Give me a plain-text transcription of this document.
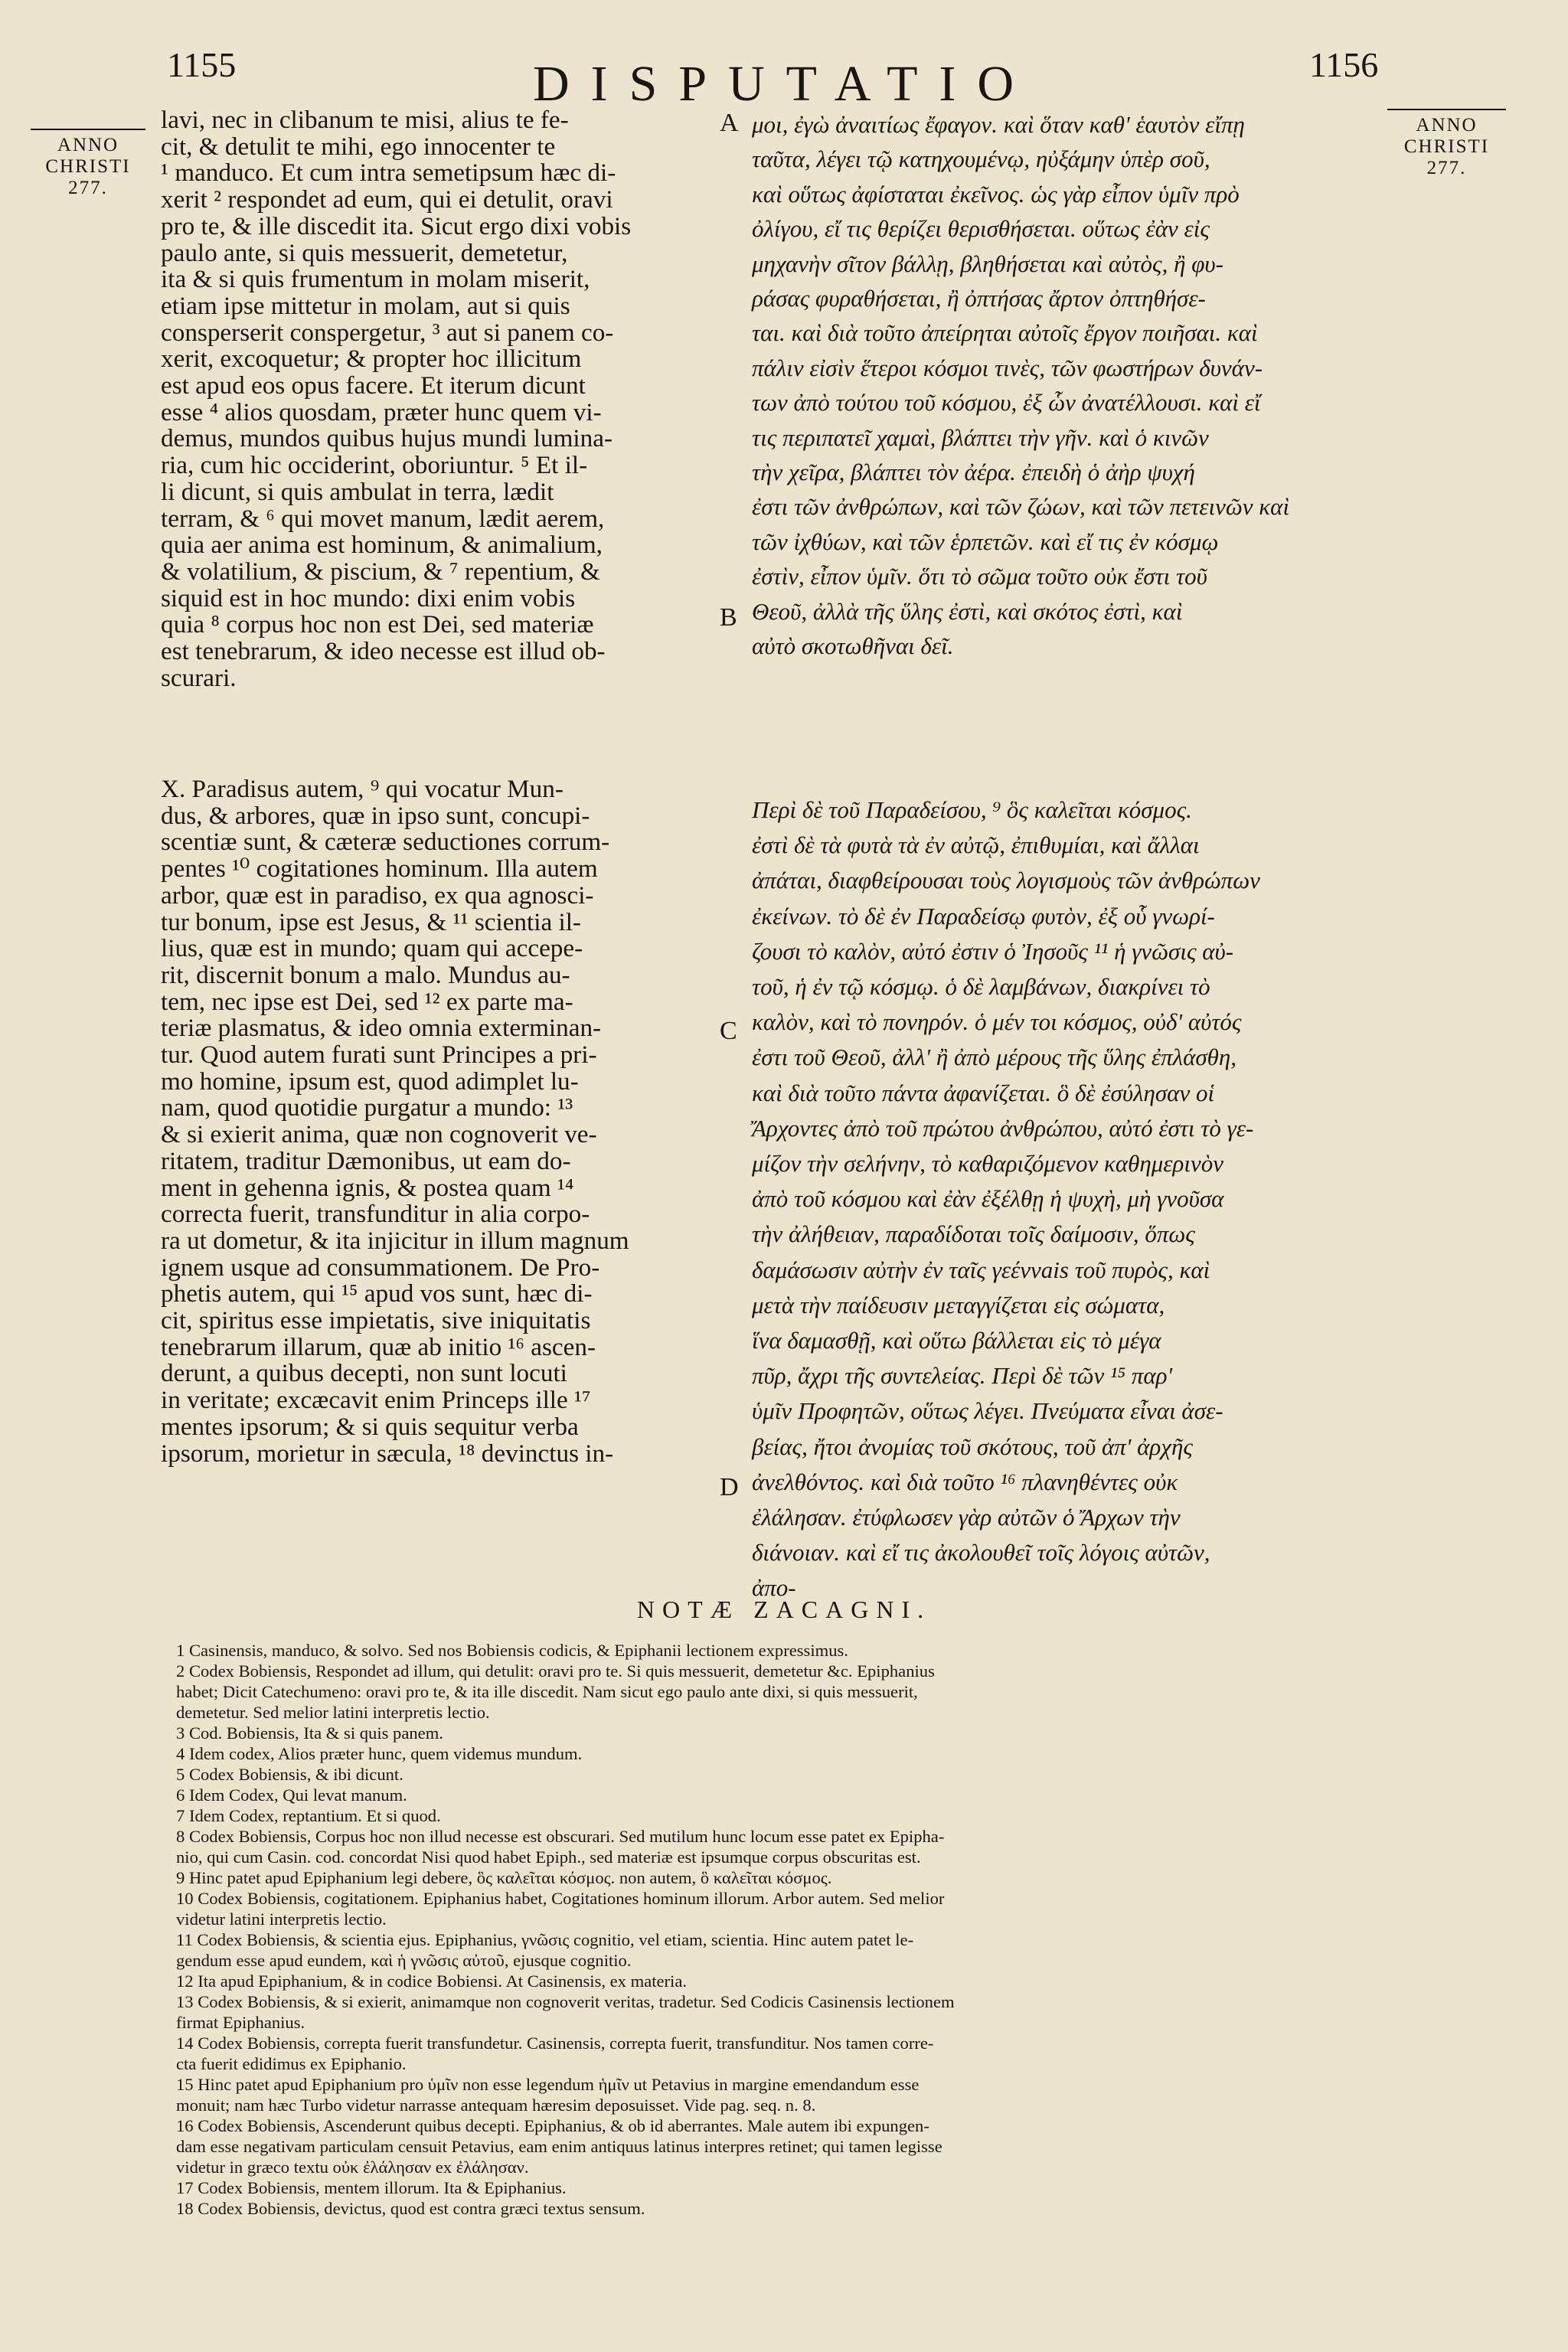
1155	DISPUTATIO	1156
ANNO
CHRISTI
277.
ANNO
CHRISTI
277.
A
B
C
D
lavi, nec in clibanum te misi, alius te fe-
cit, & detulit te mihi, ego innocenter te
¹ manduco. Et cum intra semetipsum hæc di-
xerit ² respondet ad eum, qui ei detulit, oravi
pro te, & ille discedit ita. Sicut ergo dixi vobis
paulo ante, si quis messuerit, demetetur,
ita & si quis frumentum in molam miserit,
etiam ipse mittetur in molam, aut si quis
consperserit conspergetur, ³ aut si panem co-
xerit, excoquetur; & propter hoc illicitum
est apud eos opus facere. Et iterum dicunt
esse ⁴ alios quosdam, præter hunc quem vi-
demus, mundos quibus hujus mundi lumina-
ria, cum hic occiderint, oboriuntur. ⁵ Et il-
li dicunt, si quis ambulat in terra, lædit
terram, & ⁶ qui movet manum, lædit aerem,
quia aer anima est hominum, & animalium,
& volatilium, & piscium, & ⁷ repentium, &
siquid est in hoc mundo: dixi enim vobis
quia ⁸ corpus hoc non est Dei, sed materiæ
est tenebrarum, & ideo necesse est illud ob-
scurari.
X. Paradisus autem, ⁹ qui vocatur Mun-
dus, & arbores, quæ in ipso sunt, concupi-
scentiæ sunt, & cæteræ seductiones corrum-
pentes ¹⁰ cogitationes hominum. Illa autem
arbor, quæ est in paradiso, ex qua agnosci-
tur bonum, ipse est Jesus, & ¹¹ scientia il-
lius, quæ est in mundo; quam qui accepe-
rit, discernit bonum a malo. Mundus au-
tem, nec ipse est Dei, sed ¹² ex parte ma-
teriæ plasmatus, & ideo omnia exterminan-
tur. Quod autem furati sunt Principes a pri-
mo homine, ipsum est, quod adimplet lu-
nam, quod quotidie purgatur a mundo: ¹³
& si exierit anima, quæ non cognoverit ve-
ritatem, traditur Dæmonibus, ut eam do-
ment in gehenna ignis, & postea quam ¹⁴
correcta fuerit, transfunditur in alia corpo-
ra ut dometur, & ita injicitur in illum magnum
ignem usque ad consummationem. De Pro-
phetis autem, qui ¹⁵ apud vos sunt, hæc di-
cit, spiritus esse impietatis, sive iniquitatis
tenebrarum illarum, quæ ab initio ¹⁶ ascen-
derunt, a quibus decepti, non sunt locuti
in veritate; excæcavit enim Princeps ille ¹⁷
mentes ipsorum; & si quis sequitur verba
ipsorum, morietur in sæcula, ¹⁸ devinctus in-
μοι, ἐγὼ ἀναιτίως ἔφαγον. καὶ ὅταν καθ' ἑαυτὸν εἴπῃ
ταῦτα, λέγει τῷ κατηχουμένῳ, ηὐξάμην ὑπὲρ σοῦ,
καὶ οὕτως ἀφίσταται ἐκεῖνος. ὡς γὰρ εἶπον ὑμῖν πρὸ
ὀλίγου, εἴ τις θερίζει θερισθήσεται. οὕτως ἐὰν εἰς
μηχανὴν σῖτον βάλλῃ, βληθήσεται καὶ αὐτὸς, ἢ φυ-
ράσας φυραθήσεται, ἢ ὀπτήσας ἄρτον ὀπτηθήσε-
ται. καὶ διὰ τοῦτο ἀπείρηται αὐτοῖς ἔργον ποιῆσαι. καὶ
πάλιν εἰσὶν ἕτεροι κόσμοι τινὲς, τῶν φωστήρων δυνάν-
των ἀπὸ τούτου τοῦ κόσμου, ἐξ ὧν ἀνατέλλουσι. καὶ εἴ
τις περιπατεῖ χαμαὶ, βλάπτει τὴν γῆν. καὶ ὁ κινῶν
τὴν χεῖρα, βλάπτει τὸν ἀέρα. ἐπειδὴ ὁ ἀὴρ ψυχή
ἐστι τῶν ἀνθρώπων, καὶ τῶν ζώων, καὶ τῶν πετεινῶν καὶ
τῶν ἰχθύων, καὶ τῶν ἑρπετῶν. καὶ εἴ τις ἐν κόσμῳ
ἐστὶν, εἶπον ὑμῖν. ὅτι τὸ σῶμα τοῦτο οὐκ ἔστι τοῦ
Θεοῦ, ἀλλὰ τῆς ὕλης ἐστὶ, καὶ σκότος ἐστὶ, καὶ
αὐτὸ σκοτωθῆναι δεῖ.
Περὶ δὲ τοῦ Παραδείσου, ⁹ ὃς καλεῖται κόσμος.
ἐστὶ δὲ τὰ φυτὰ τὰ ἐν αὐτῷ, ἐπιθυμίαι, καὶ ἄλλαι
ἀπάται, διαφθείρουσαι τοὺς λογισμοὺς τῶν ἀνθρώπων
ἐκείνων. τὸ δὲ ἐν Παραδείσῳ φυτὸν, ἐξ οὗ γνωρί-
ζουσι τὸ καλὸν, αὐτό ἐστιν ὁ Ἰησοῦς ¹¹ ἡ γνῶσις αὐ-
τοῦ, ἡ ἐν τῷ κόσμῳ. ὁ δὲ λαμβάνων, διακρίνει τὸ
καλὸν, καὶ τὸ πονηρόν. ὁ μέν τοι κόσμος, οὐδ' αὐτός
ἐστι τοῦ Θεοῦ, ἀλλ' ἢ ἀπὸ μέρους τῆς ὕλης ἐπλάσθη,
καὶ διὰ τοῦτο πάντα ἀφανίζεται. ὃ δὲ ἐσύλησαν οἱ
Ἄρχοντες ἀπὸ τοῦ πρώτου ἀνθρώπου, αὐτό ἐστι τὸ γε-
μίζον τὴν σελήνην, τὸ καθαριζόμενον καθημερινὸν
ἀπὸ τοῦ κόσμου καὶ ἐὰν ἐξέλθῃ ἡ ψυχὴ, μὴ γνοῦσα
τὴν ἀλήθειαν, παραδίδοται τοῖς δαίμοσιν, ὅπως
δαμάσωσιν αὐτὴν ἐν ταῖς γεέννais τοῦ πυρὸς, καὶ
μετὰ τὴν παίδευσιν μεταγγίζεται εἰς σώματα,
ἵνα δαμασθῇ, καὶ οὕτω βάλλεται εἰς τὸ μέγα
πῦρ, ἄχρι τῆς συντελείας. Περὶ δὲ τῶν ¹⁵ παρ'
ὑμῖν Προφητῶν, οὕτως λέγει. Πνεύματα εἶναι ἀσε-
βείας, ἤτοι ἀνομίας τοῦ σκότους, τοῦ ἀπ' ἀρχῆς
ἀνελθόντος. καὶ διὰ τοῦτο ¹⁶ πλανηθέντες οὐκ
ἐλάλησαν. ἐτύφλωσεν γὰρ αὐτῶν ὁ Ἄρχων τὴν
διάνοιαν. καὶ εἴ τις ἀκολουθεῖ τοῖς λόγοις αὐτῶν,
ἀπο-
NOTÆ ZACAGNI.
1 Casinensis, manduco, & solvo. Sed nos Bobiensis codicis, & Epiphanii lectionem expressimus.
2 Codex Bobiensis, Respondet ad illum, qui detulit: oravi pro te. Si quis messuerit, demetetur &c. Epiphanius
habet; Dicit Catechumeno: oravi pro te, & ita ille discedit. Nam sicut ego paulo ante dixi, si quis messuerit,
demetetur. Sed melior latini interpretis lectio.
3 Cod. Bobiensis, Ita & si quis panem.
4 Idem codex, Alios præter hunc, quem videmus mundum.
5 Codex Bobiensis, & ibi dicunt.
6 Idem Codex, Qui levat manum.
7 Idem Codex, reptantium. Et si quod.
8 Codex Bobiensis, Corpus hoc non illud necesse est obscurari. Sed mutilum hunc locum esse patet ex Epipha-
nio, qui cum Casin. cod. concordat Nisi quod habet Epiph., sed materiæ est ipsumque corpus obscuritas est.
9 Hinc patet apud Epiphanium legi debere, ὃς καλεῖται κόσμος. non autem, ὃ καλεῖται κόσμος.
10 Codex Bobiensis, cogitationem. Epiphanius habet, Cogitationes hominum illorum. Arbor autem. Sed melior
videtur latini interpretis lectio.
11 Codex Bobiensis, & scientia ejus. Epiphanius, γνῶσις cognitio, vel etiam, scientia. Hinc autem patet le-
gendum esse apud eundem, καὶ ἡ γνῶσις αὐτοῦ, ejusque cognitio.
12 Ita apud Epiphanium, & in codice Bobiensi. At Casinensis, ex materia.
13 Codex Bobiensis, & si exierit, animamque non cognoverit veritas, tradetur. Sed Codicis Casinensis lectionem
firmat Epiphanius.
14 Codex Bobiensis, correpta fuerit transfundetur. Casinensis, correpta fuerit, transfunditur. Nos tamen corre-
cta fuerit edidimus ex Epiphanio.
15 Hinc patet apud Epiphanium pro ὑμῖν non esse legendum ἡμῖν ut Petavius in margine emendandum esse
monuit; nam hæc Turbo videtur narrasse antequam hæresim deposuisset. Vide pag. seq. n. 8.
16 Codex Bobiensis, Ascenderunt quibus decepti. Epiphanius, & ob id aberrantes. Male autem ibi expungen-
dam esse negativam particulam censuit Petavius, eam enim antiquus latinus interpres retinet; qui tamen legisse
videtur in græco textu οὐκ ἐλάλησαν ex ἐλάλησαν.
17 Codex Bobiensis, mentem illorum. Ita & Epiphanius.
18 Codex Bobiensis, devictus, quod est contra græci textus sensum.
